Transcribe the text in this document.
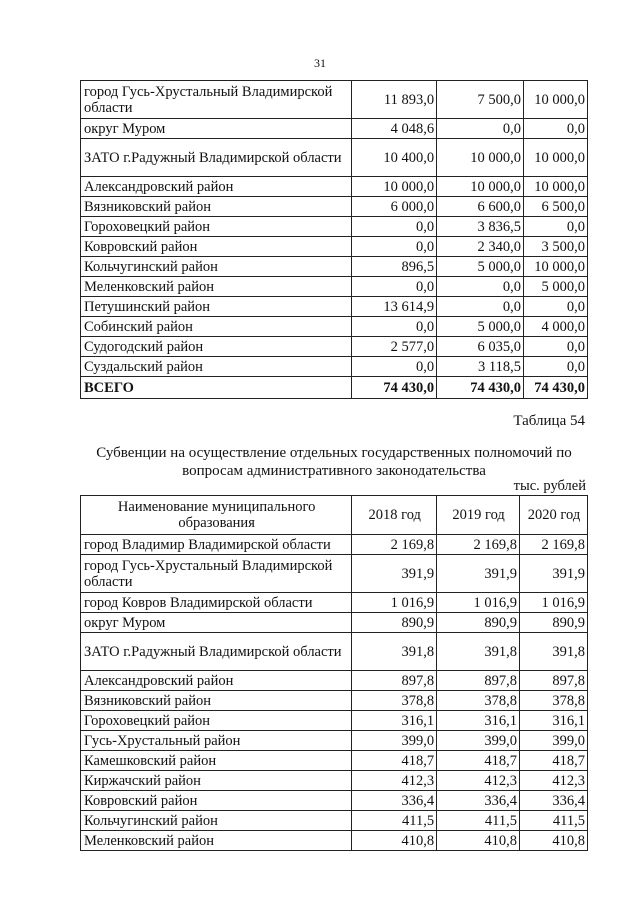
31
город Гусь-Хрустальный Владимирской области	11 893,0	7 500,0	10 000,0
округ Муром	4 048,6	0,0	0,0
ЗАТО г.Радужный Владимирской области	10 400,0	10 000,0	10 000,0
Александровский район	10 000,0	10 000,0	10 000,0
Вязниковский район	6 000,0	6 600,0	6 500,0
Гороховецкий район	0,0	3 836,5	0,0
Ковровский район	0,0	2 340,0	3 500,0
Кольчугинский район	896,5	5 000,0	10 000,0
Меленковский район	0,0	0,0	5 000,0
Петушинский район	13 614,9	0,0	0,0
Собинский район	0,0	5 000,0	4 000,0
Судогодский район	2 577,0	6 035,0	0,0
Суздальский район	0,0	3 118,5	0,0
ВСЕГО	74 430,0	74 430,0	74 430,0
Таблица 54
Субвенции на осуществление отдельных государственных полномочий по
вопросам административного законодательства
тыс. рублей
Наименование муниципального образования	2018 год	2019 год	2020 год
город Владимир Владимирской области	2 169,8	2 169,8	2 169,8
город Гусь-Хрустальный Владимирской области	391,9	391,9	391,9
город Ковров Владимирской области	1 016,9	1 016,9	1 016,9
округ Муром	890,9	890,9	890,9
ЗАТО г.Радужный Владимирской области	391,8	391,8	391,8
Александровский район	897,8	897,8	897,8
Вязниковский район	378,8	378,8	378,8
Гороховецкий район	316,1	316,1	316,1
Гусь-Хрустальный район	399,0	399,0	399,0
Камешковский район	418,7	418,7	418,7
Киржачский район	412,3	412,3	412,3
Ковровский район	336,4	336,4	336,4
Кольчугинский район	411,5	411,5	411,5
Меленковский район	410,8	410,8	410,8
